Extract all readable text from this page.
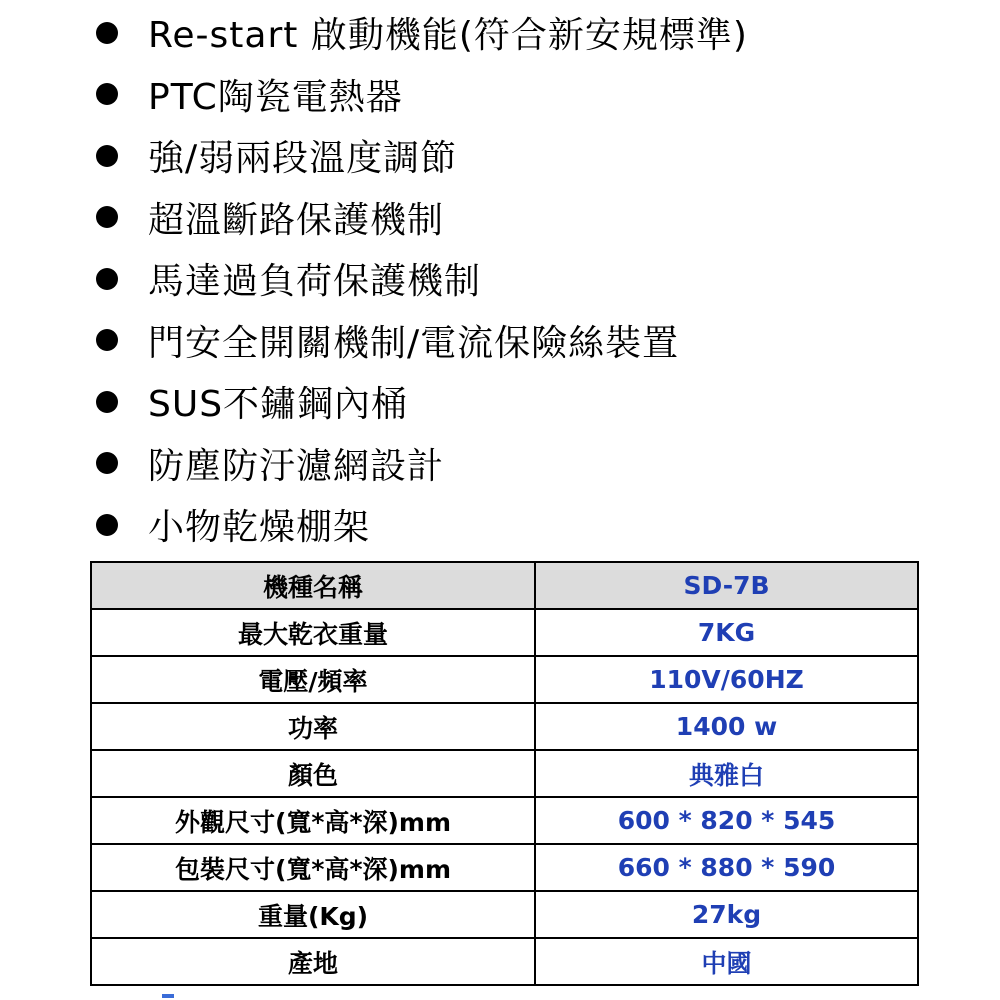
Re-start 啟動機能(符合新安規標準)
PTC陶瓷電熱器
強/弱兩段溫度調節
超溫斷路保護機制
馬達過負荷保護機制
門安全開關機制/電流保險絲裝置
SUS不鏽鋼內桶
防塵防汙濾網設計
小物乾燥棚架
機種名稱	SD-7B
最大乾衣重量	7KG
電壓/頻率	110V/60HZ
功率	1400 w
顏色	典雅白
外觀尺寸(寬*高*深)mm	600 * 820 * 545
包裝尺寸(寬*高*深)mm	660 * 880 * 590
重量(Kg)	27kg
產地	中國
